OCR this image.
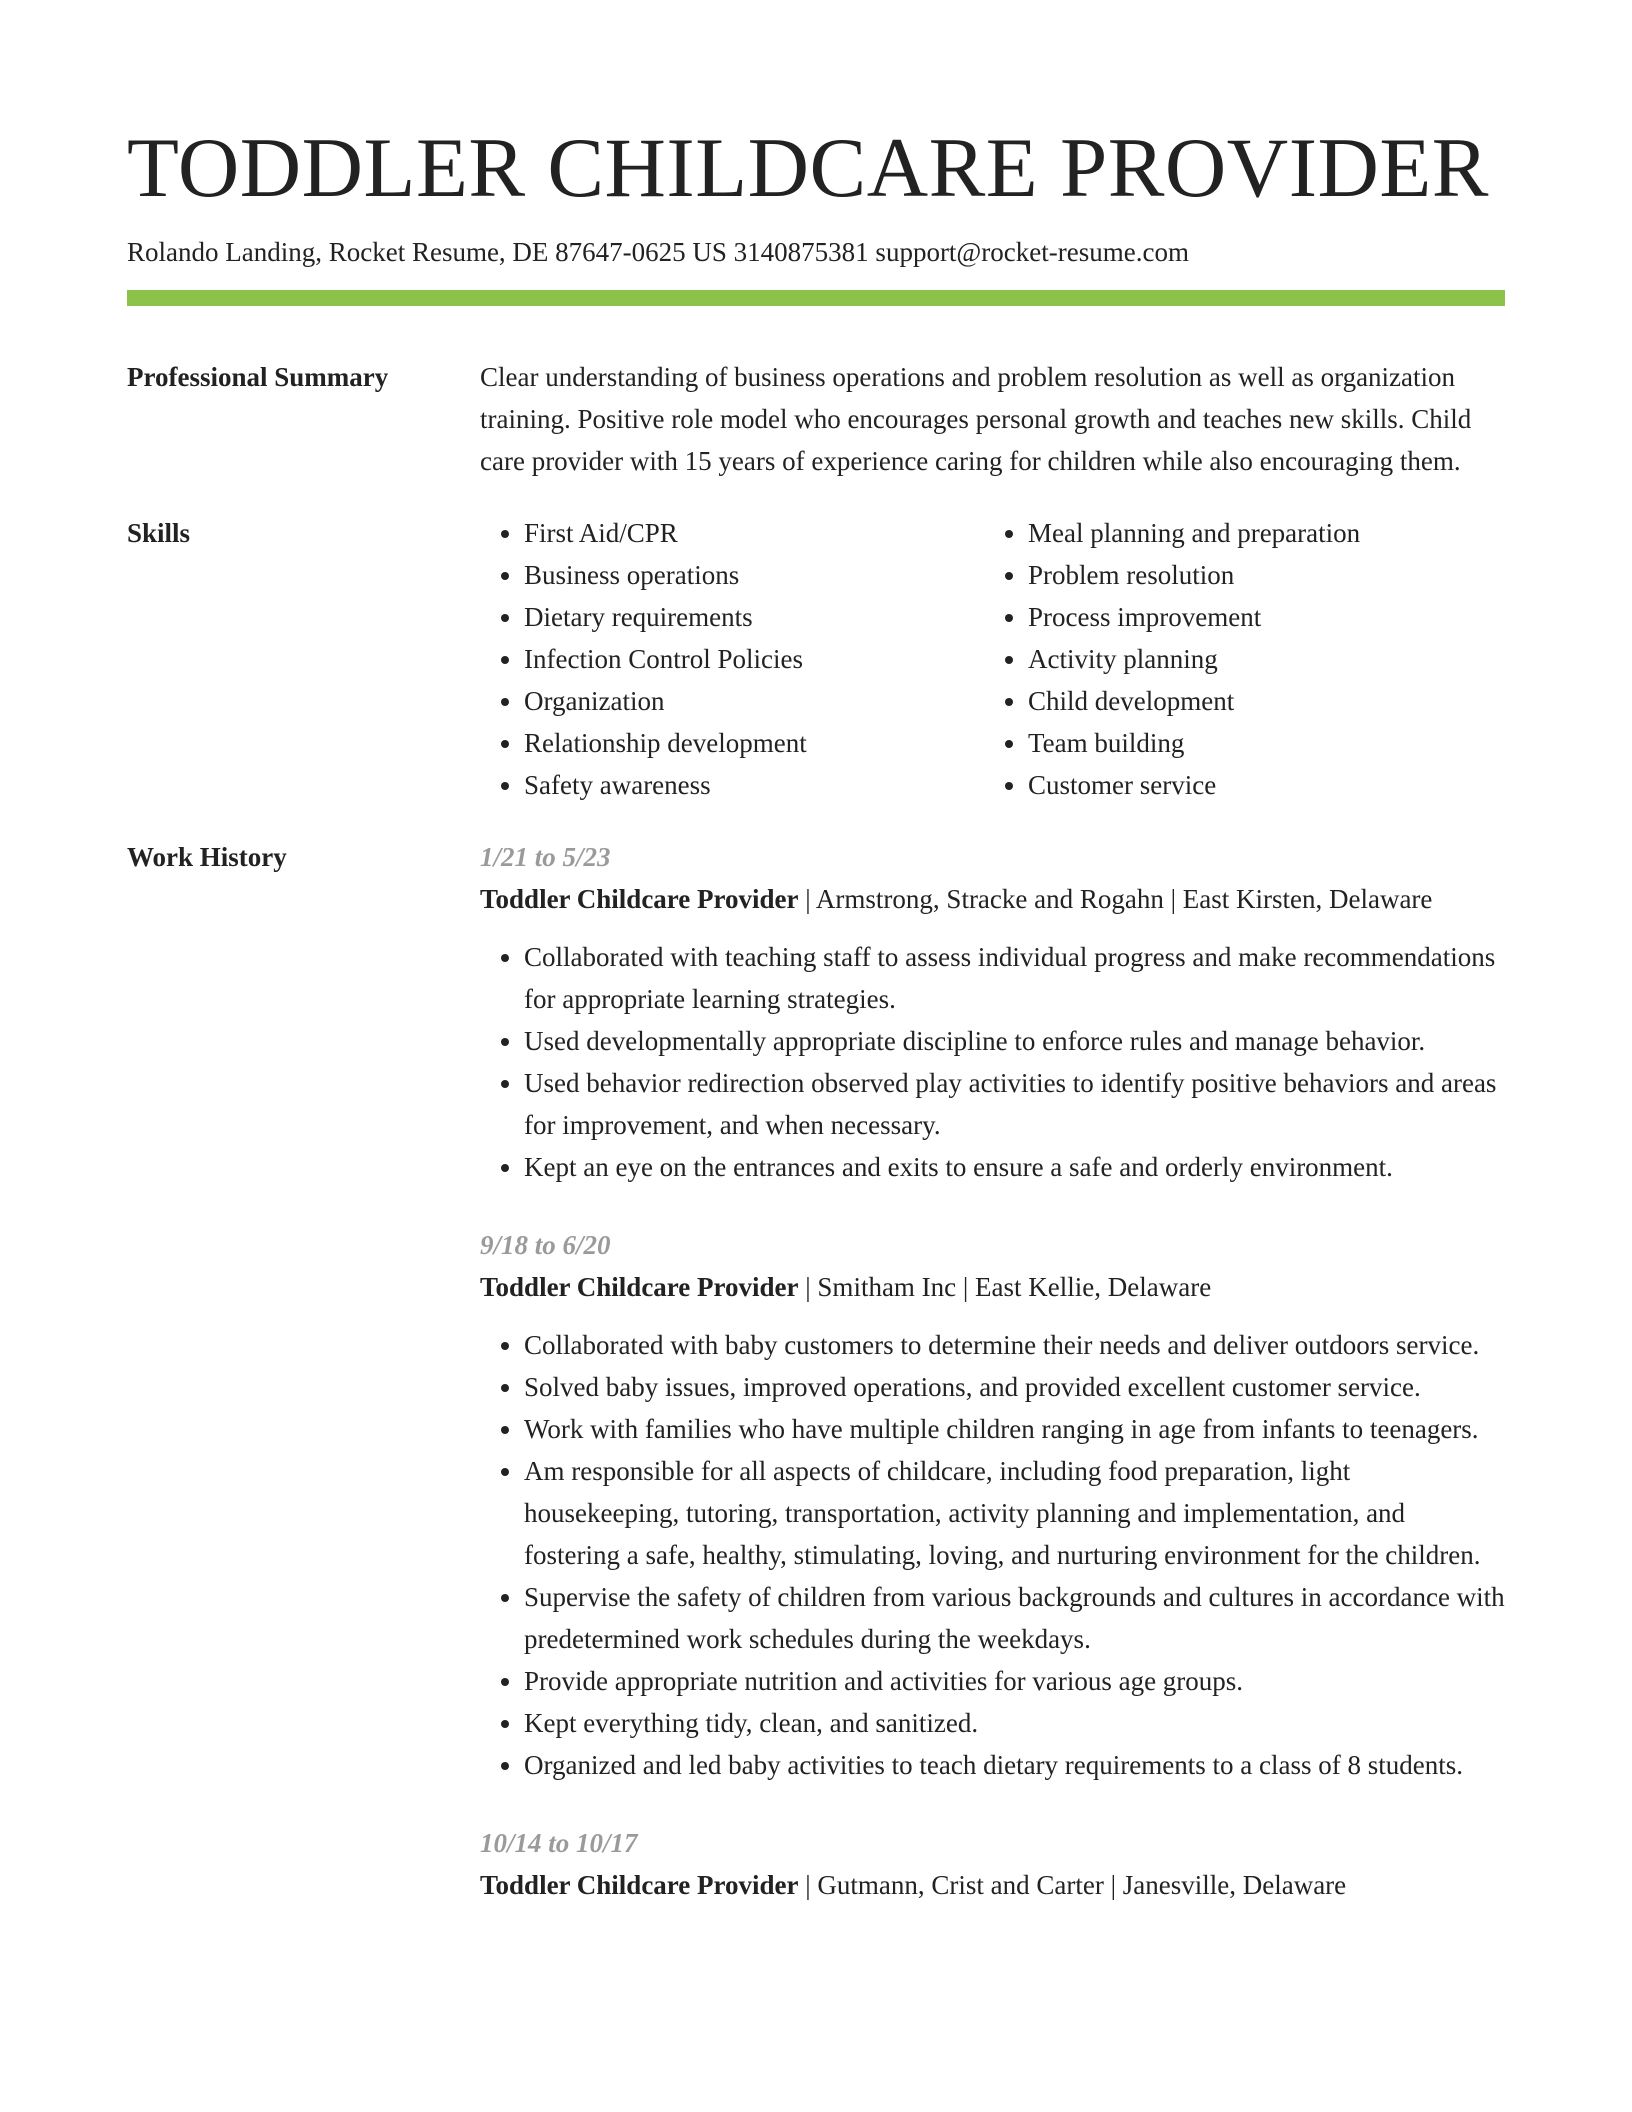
TODDLER CHILDCARE PROVIDER
Rolando Landing, Rocket Resume, DE 87647-0625 US 3140875381 support@rocket-resume.com
Professional Summary	Clear understanding of business operations and problem resolution as well as organization training. Positive role model who encourages personal growth and teaches new skills. Child care provider with 15 years of experience caring for children while also encouraging them.

Skills
•	First Aid/CPR
• Business operations
• Dietary requirements
• Infection Control Policies
• Organization
• Relationship development
• Safety awareness
• Meal planning and preparation
• Problem resolution
• Process improvement
• Activity planning
• Child development
• Team building
• Customer service
Work History	1/21 to 5/23
Toddler Childcare Provider | Armstrong, Stracke and Rogahn | East Kirsten, Delaware
• Collaborated with teaching staff to assess individual progress and make recommendations for appropriate learning strategies.
• Used developmentally appropriate discipline to enforce rules and manage behavior.
• Used behavior redirection observed play activities to identify positive behaviors and areas for improvement, and when necessary.
• Kept an eye on the entrances and exits to ensure a safe and orderly environment.
9/18 to 6/20
Toddler Childcare Provider | Smitham Inc | East Kellie, Delaware
• Collaborated with baby customers to determine their needs and deliver outdoors service.
• Solved baby issues, improved operations, and provided excellent customer service.
• Work with families who have multiple children ranging in age from infants to teenagers.
• Am responsible for all aspects of childcare, including food preparation, light housekeeping, tutoring, transportation, activity planning and implementation, and fostering a safe, healthy, stimulating, loving, and nurturing environment for the children.
• Supervise the safety of children from various backgrounds and cultures in accordance with predetermined work schedules during the weekdays.
• Provide appropriate nutrition and activities for various age groups.
• Kept everything tidy, clean, and sanitized.
• Organized and led baby activities to teach dietary requirements to a class of 8 students.
10/14 to 10/17
Toddler Childcare Provider | Gutmann, Crist and Carter | Janesville, Delaware
